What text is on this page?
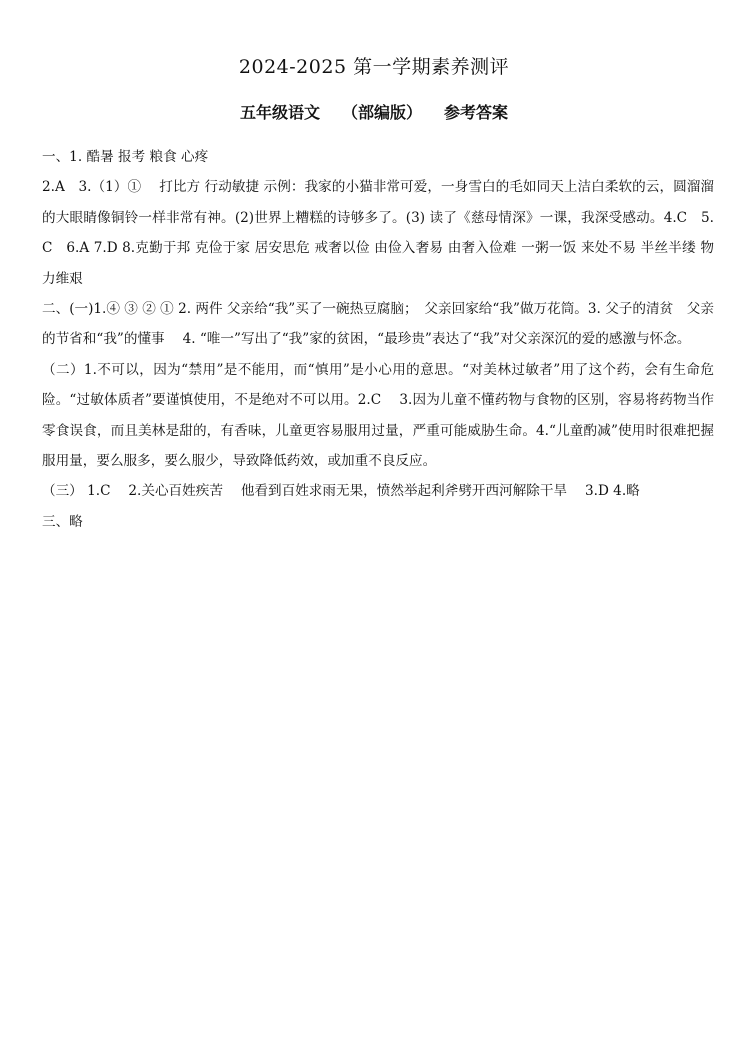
2024-2025 第一学期素养测评
五年级语文 （部编版） 参考答案

一、1. 酷暑 报考 粮食 心疼

2.A　3.（1）①　 打比方 行动敏捷 示例：我家的小猫非常可爱，一身雪白的毛如同天上洁白柔软的云，圆溜溜的大眼睛像铜铃一样非常有神。(2)世界上糟糕的诗够多了。(3) 读了《慈母情深》一课，我深受感动。4.C　5.C　6.A 7.D 8.克勤于邦 克俭于家 居安思危 戒奢以俭 由俭入奢易 由奢入俭难 一粥一饭 来处不易 半丝半缕 物力维艰

二、(一)1.④ ③ ② ① 2. 两件 父亲给“我”买了一碗热豆腐脑；　父亲回家给“我”做万花筒。3. 父子的清贫　父亲的节省和“我”的懂事　 4. “唯一”写出了“我”家的贫困，“最珍贵”表达了“我”对父亲深沉的爱的感激与怀念。

（二）1.不可以，因为“禁用”是不能用，而“慎用”是小心用的意思。“对美林过敏者”用了这个药，会有生命危险。“过敏体质者”要谨慎使用，不是绝对不可以用。2.C　 3.因为儿童不懂药物与食物的区别，容易将药物当作零食误食，而且美林是甜的，有香味，儿童更容易服用过量，严重可能威胁生命。4.“儿童酌减”使用时很难把握服用量，要么服多，要么服少，导致降低药效，或加重不良反应。

（三） 1.C　 2.关心百姓疾苦　 他看到百姓求雨无果，愤然举起利斧劈开西河解除干旱　 3.D 4.略

三、略
